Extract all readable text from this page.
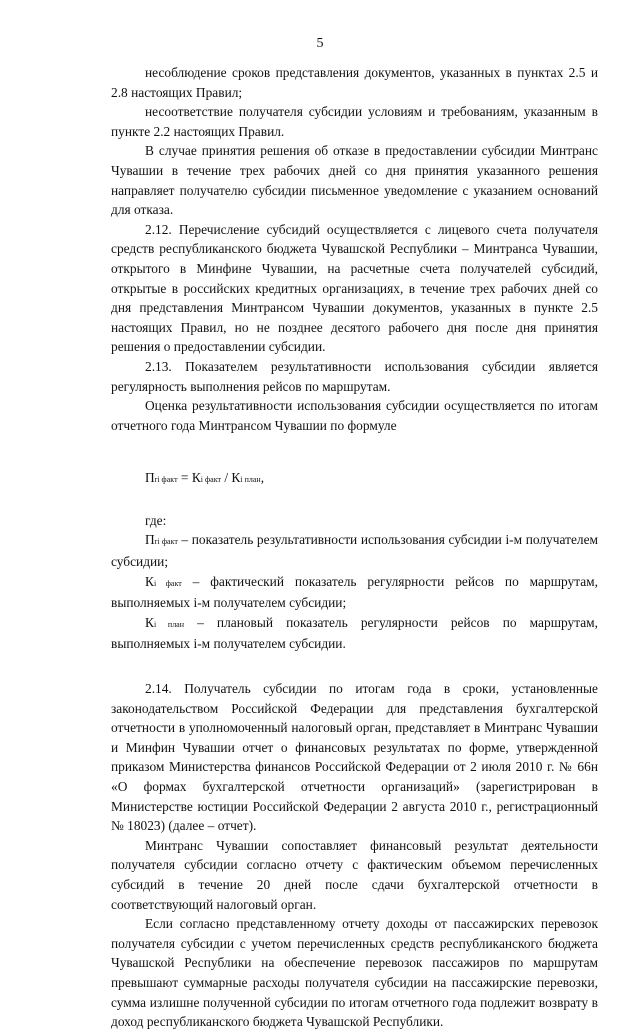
5

несоблюдение сроков представления документов, указанных в пунктах 2.5 и 2.8 настоящих Правил;

несоответствие получателя субсидии условиям и требованиям, указанным в пункте 2.2 настоящих Правил.

В случае принятия решения об отказе в предоставлении субсидии Минтранс Чувашии в течение трех рабочих дней со дня принятия указанного решения направляет получателю субсидии письменное уведомление с указанием оснований для отказа.

2.12. Перечисление субсидий осуществляется с лицевого счета получателя средств республиканского бюджета Чувашской Республики – Минтранса Чувашии, открытого в Минфине Чувашии, на расчетные счета получателей субсидий, открытые в российских кредитных организациях, в течение трех рабочих дней со дня представления Минтрансом Чувашии документов, указанных в пункте 2.5 настоящих Правил, но не позднее десятого рабочего дня после дня принятия решения о предоставлении субсидии.

2.13. Показателем результативности использования субсидии является регулярность выполнения рейсов по маршрутам.

Оценка результативности использования субсидии осуществляется по итогам отчетного года Минтрансом Чувашии по формуле

Пri факт = Кi факт / Кi план,

где:

Пri факт – показатель результативности использования субсидии i-м получателем субсидии;

Кi факт – фактический показатель регулярности рейсов по маршрутам, выполняемых i-м получателем субсидии;

Кi план – плановый показатель регулярности рейсов по маршрутам, выполняемых i-м получателем субсидии.

2.14. Получатель субсидии по итогам года в сроки, установленные законодательством Российской Федерации для представления бухгалтерской отчетности в уполномоченный налоговый орган, представляет в Минтранс Чувашии и Минфин Чувашии отчет о финансовых результатах по форме, утвержденной приказом Министерства финансов Российской Федерации от 2 июля 2010 г. № 66н «О формах бухгалтерской отчетности организаций» (зарегистрирован в Министерстве юстиции Российской Федерации 2 августа 2010 г., регистрационный № 18023) (далее – отчет).

Минтранс Чувашии сопоставляет финансовый результат деятельности получателя субсидии согласно отчету с фактическим объемом перечисленных субсидий в течение 20 дней после сдачи бухгалтерской отчетности в соответствующий налоговый орган.

Если согласно представленному отчету доходы от пассажирских перевозок получателя субсидии с учетом перечисленных средств республиканского бюджета Чувашской Республики на обеспечение перевозок пассажиров по маршрутам превышают суммарные расходы получателя субсидии на пассажирские перевозки, сумма излишне полученной субсидии по итогам отчетного года подлежит возврату в доход республиканского бюджета Чувашской Республики.
